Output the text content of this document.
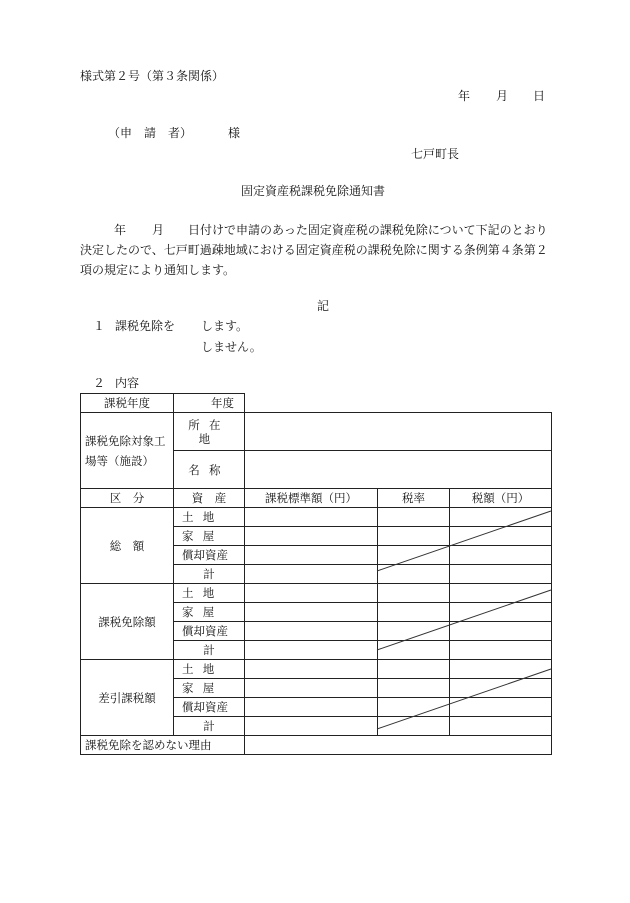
様式第２号（第３条関係）
年 月 日
（申　請　者）	様
七戸町長
固定資産税課税免除通知書
年 月 日付けで申請のあった固定資産税の課税免除について下記のとおり決定したので、七戸町過疎地域における固定資産税の課税免除に関する条例第４条第２項の規定により通知します。
記
１ 課税免除を します。
しません。
２ 内容
課税年度	年度			
課税免除対象工場等（施設）	所在地			
	名称			
区　分	資　産	課税標準額（円）	税率	税額（円）
総　額	土地			
	家屋			
	償却資産			
	計			
課税免除額	土地			
	家屋			
	償却資産			
	計			
差引課税額	土地			
	家屋			
	償却資産			
	計			
課税免除を認めない理由				
